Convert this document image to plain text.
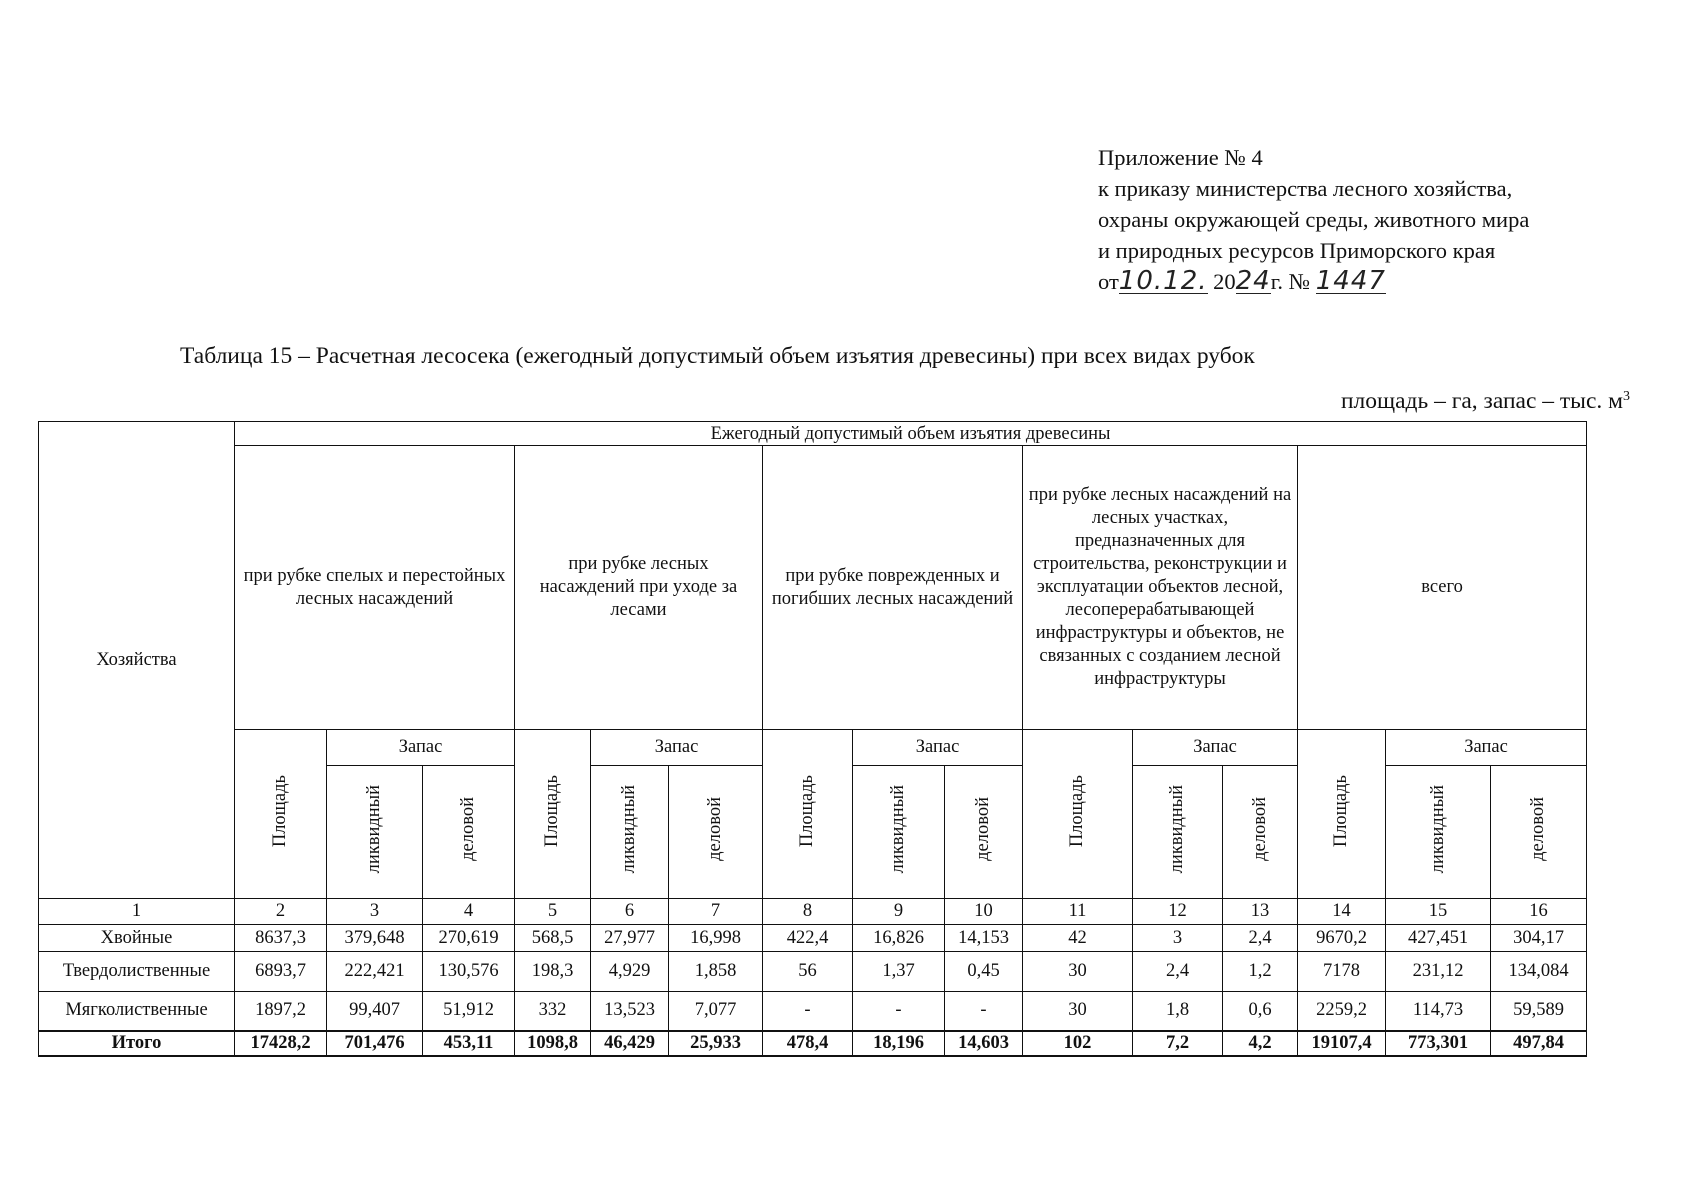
Приложение № 4
к приказу министерства лесного хозяйства,
охраны окружающей среды, животного мира
и природных ресурсов Приморского края
от10.12. 2024г. № 1447
Таблица 15 – Расчетная лесосека (ежегодный допустимый объем изъятия древесины) при всех видах рубок
площадь – га, запас – тыс. $м^3$
Хозяйства	Ежегодный допустимый объем изъятия древесины														
	при рубке спелых и перестойных лесных насаждений			при рубке лесных насаждений при уходе за лесами			при рубке поврежденных и погибших лесных насаждений			при рубке лесных насаждений на лесных участках, предназначенных для строительства, реконструкции и эксплуатации объектов лесной, лесоперерабатывающей инфраструктуры и объектов, не связанных с созданием лесной инфраструктуры			всего		
	Площадь	Запас		Площадь	Запас		Площадь	Запас		Площадь	Запас		Площадь	Запас	
		ликвидный	деловой		ликвидный	деловой		ликвидный	деловой		ликвидный	деловой		ликвидный	деловой
1	2	3	4	5	6	7	8	9	10	11	12	13	14	15	16
Хвойные	8637,3	379,648	270,619	568,5	27,977	16,998	422,4	16,826	14,153	42	3	2,4	9670,2	427,451	304,17
Твердолиственные	6893,7	222,421	130,576	198,3	4,929	1,858	56	1,37	0,45	30	2,4	1,2	7178	231,12	134,084
Мягколиственные	1897,2	99,407	51,912	332	13,523	7,077	-	-	-	30	1,8	0,6	2259,2	114,73	59,589
Итого	17428,2	701,476	453,11	1098,8	46,429	25,933	478,4	18,196	14,603	102	7,2	4,2	19107,4	773,301	497,84
